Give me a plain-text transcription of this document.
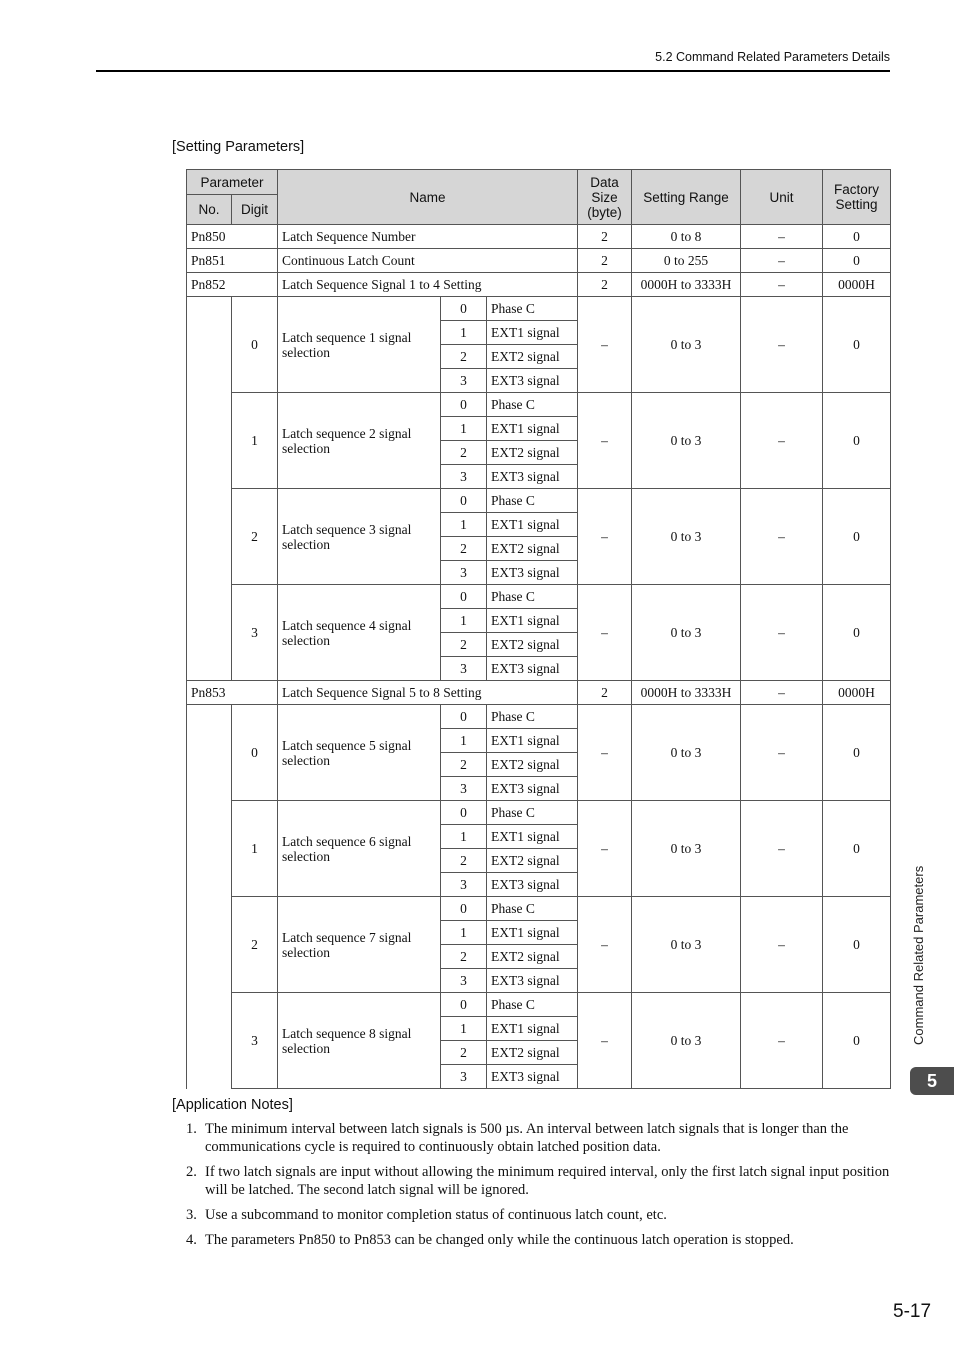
5.2 Command Related Parameters Details
[Setting Parameters]
Parameter		Name			Data Size (byte)	Setting Range	Unit	Factory Setting
No.	Digit							
Pn850		Latch Sequence Number			2	0 to 8	–	0
Pn851		Continuous Latch Count			2	0 to 255	–	0
Pn852		Latch Sequence Signal 1 to 4 Setting			2	0000H to 3333H	–	0000H
	0	Latch sequence 1 signal selection	0	Phase C	–	0 to 3	–	0
			1	EXT1 signal				
			2	EXT2 signal				
			3	EXT3 signal				
	1	Latch sequence 2 signal selection	0	Phase C	–	0 to 3	–	0
			1	EXT1 signal				
			2	EXT2 signal				
			3	EXT3 signal				
	2	Latch sequence 3 signal selection	0	Phase C	–	0 to 3	–	0
			1	EXT1 signal				
			2	EXT2 signal				
			3	EXT3 signal				
	3	Latch sequence 4 signal selection	0	Phase C	–	0 to 3	–	0
			1	EXT1 signal				
			2	EXT2 signal				
			3	EXT3 signal				
Pn853		Latch Sequence Signal 5 to 8 Setting			2	0000H to 3333H	–	0000H
	0	Latch sequence 5 signal selection	0	Phase C	–	0 to 3	–	0
			1	EXT1 signal				
			2	EXT2 signal				
			3	EXT3 signal				
	1	Latch sequence 6 signal selection	0	Phase C	–	0 to 3	–	0
			1	EXT1 signal				
			2	EXT2 signal				
			3	EXT3 signal				
	2	Latch sequence 7 signal selection	0	Phase C	–	0 to 3	–	0
			1	EXT1 signal				
			2	EXT2 signal				
			3	EXT3 signal				
	3	Latch sequence 8 signal selection	0	Phase C	–	0 to 3	–	0
			1	EXT1 signal				
			2	EXT2 signal				
			3	EXT3 signal				
[Application Notes]
1. The minimum interval between latch signals is 500 µs. An interval between latch signals that is longer than the communications cycle is required to continuously obtain latched position data.
2. If two latch signals are input without allowing the minimum required interval, only the first latch signal input position will be latched. The second latch signal will be ignored.
3. Use a subcommand to monitor completion status of continuous latch count, etc.
4. The parameters Pn850 to Pn853 can be changed only while the continuous latch operation is stopped.
Command Related Parameters
5
5-17
